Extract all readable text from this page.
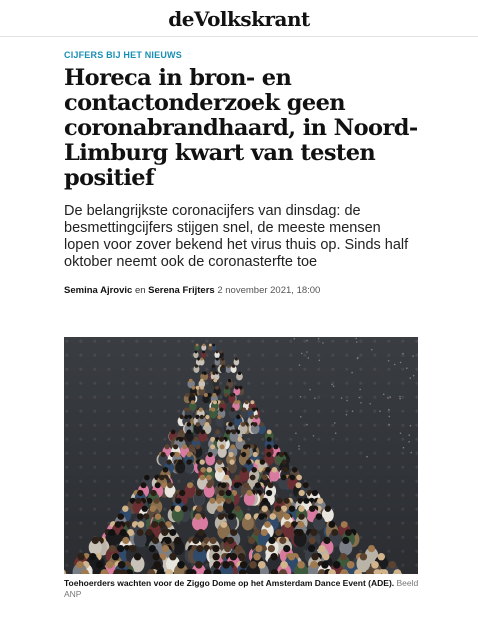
deVolkskrant
CIJFERS BIJ HET NIEUWS
Horeca in bron- en contactonderzoek geen coronabrandhaard, in Noord-Limburg kwart van testen positief

De belangrijkste coronacijfers van dinsdag: de besmettingcijfers stijgen snel, de meeste mensen lopen voor zover bekend het virus thuis op. Sinds half oktober neemt ook de coronasterfte toe

Semina Ajrovic en Serena Frijters 2 november 2021, 18:00
Toehoerders wachten voor de Ziggo Dome op het Amsterdam Dance Event (ADE). Beeld ANP
